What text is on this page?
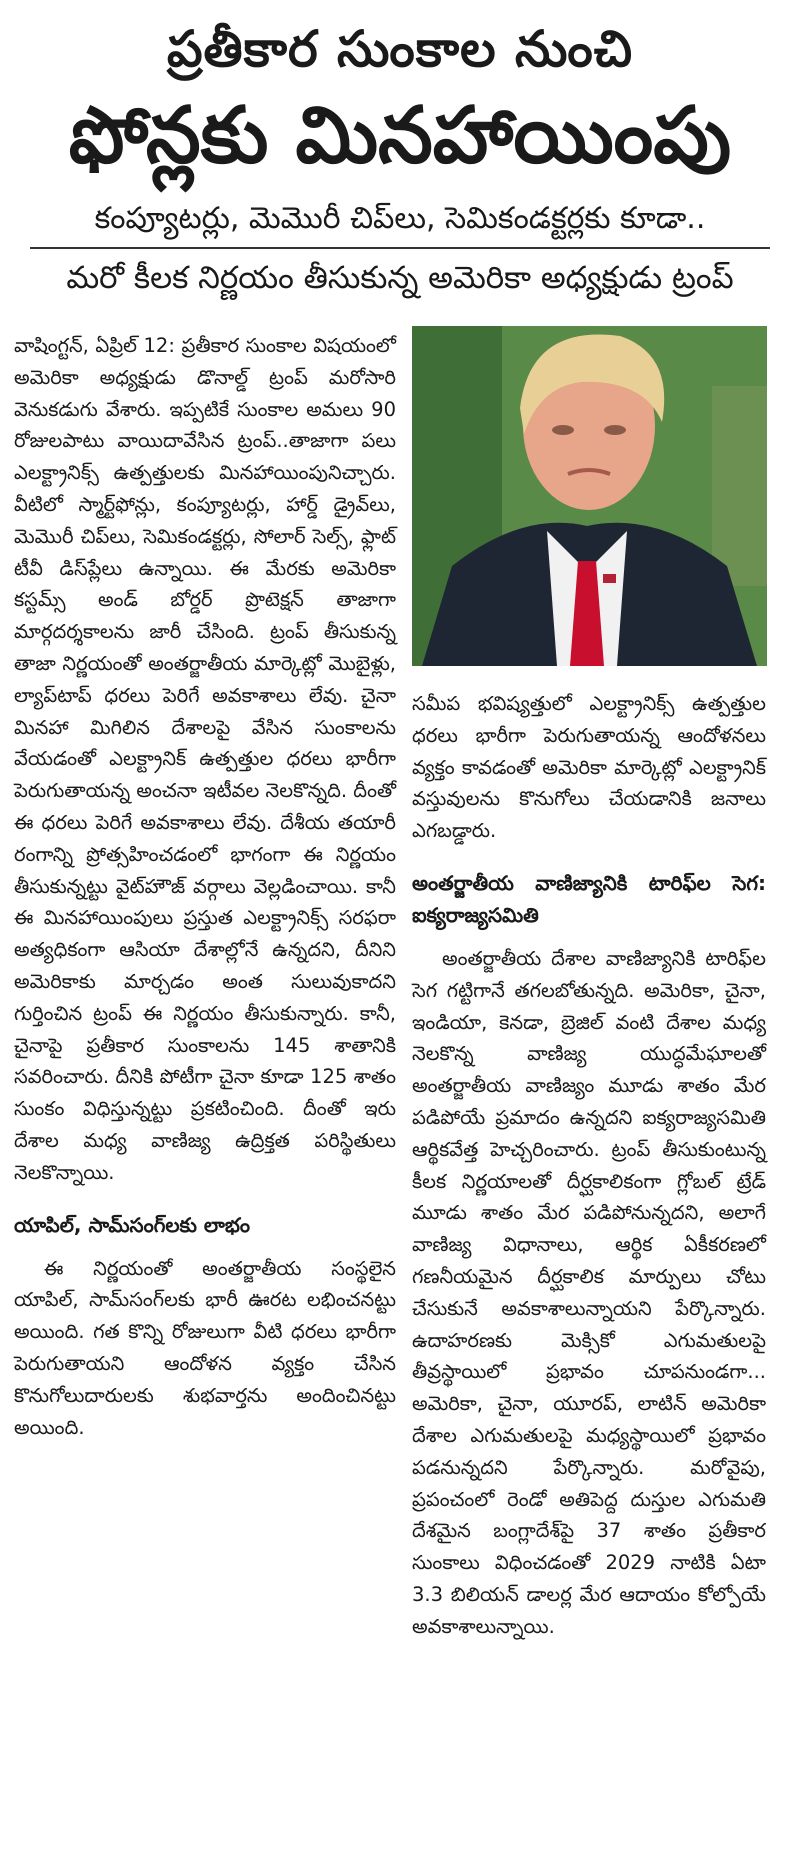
ప్రతీకార సుంకాల నుంచి
ఫోన్లకు మినహాయింపు
కంప్యూటర్లు, మెమొరీ చిప్‌లు, సెమికండక్టర్లకు కూడా..
మరో కీలక నిర్ణయం తీసుకున్న అమెరికా అధ్యక్షుడు ట్రంప్

వాషింగ్టన్, ఏప్రిల్ 12: ప్రతీకార సుంకాల విషయంలో అమెరికా అధ్యక్షుడు డొనాల్డ్ ట్రంప్ మరోసారి వెనుకడుగు వేశారు. ఇప్పటికే సుంకాల అమలు 90 రోజులపాటు వాయిదావేసిన ట్రంప్..తాజాగా పలు ఎలక్ట్రానిక్స్ ఉత్పత్తులకు మినహాయింపునిచ్చారు. వీటిలో స్మార్ట్‌ఫోన్లు, కంప్యూటర్లు, హార్డ్ డ్రైవ్‌లు, మెమొరీ చిప్‌లు, సెమికండక్టర్లు, సోలార్ సెల్స్, ఫ్లాట్ టీవీ డిస్‌ప్లేలు ఉన్నాయి. ఈ మేరకు అమెరికా కస్టమ్స్ అండ్ బోర్డర్ ప్రొటెక్షన్ తాజాగా మార్గదర్శకాలను జారీ చేసింది. ట్రంప్ తీసుకున్న తాజా నిర్ణయంతో అంతర్జాతీయ మార్కెట్లో మొబైళ్లు, ల్యాప్‌టాప్ ధరలు పెరిగే అవకాశాలు లేవు. చైనా మినహా మిగిలిన దేశాలపై వేసిన సుంకాలను వేయడంతో ఎలక్ట్రానిక్ ఉత్పత్తుల ధరలు భారీగా పెరుగుతాయన్న అంచనా ఇటీవల నెలకొన్నది. దీంతో ఈ ధరలు పెరిగే అవకాశాలు లేవు. దేశీయ తయారీ రంగాన్ని ప్రోత్సహించడంలో భాగంగా ఈ నిర్ణయం తీసుకున్నట్టు వైట్‌హౌజ్ వర్గాలు వెల్లడించాయి. కానీ ఈ మినహాయింపులు ప్రస్తుత ఎలక్ట్రానిక్స్ సరఫరా అత్యధికంగా ఆసియా దేశాల్లోనే ఉన్నదని, దీనిని అమెరికాకు మార్చడం అంత సులువుకాదని గుర్తించిన ట్రంప్ ఈ నిర్ణయం తీసుకున్నారు. కానీ, చైనాపై ప్రతీకార సుంకాలను 145 శాతానికి సవరించారు. దీనికి పోటీగా చైనా కూడా 125 శాతం సుంకం విధిస్తున్నట్టు ప్రకటించింది. దీంతో ఇరు దేశాల మధ్య వాణిజ్య ఉద్రిక్తత పరిస్థితులు నెలకొన్నాయి.

యాపిల్, సామ్‌సంగ్‌లకు లాభం

ఈ నిర్ణయంతో అంతర్జాతీయ సంస్థలైన యాపిల్, సామ్‌సంగ్‌లకు భారీ ఊరట లభించనట్టు అయింది. గత కొన్ని రోజులుగా వీటి ధరలు భారీగా పెరుగుతాయని ఆందోళన వ్యక్తం చేసిన కొనుగోలుదారులకు శుభవార్తను అందించినట్టు అయింది.

సమీప భవిష్యత్తులో ఎలక్ట్రానిక్స్ ఉత్పత్తుల ధరలు భారీగా పెరుగుతాయన్న ఆందోళనలు వ్యక్తం కావడంతో అమెరికా మార్కెట్లో ఎలక్ట్రానిక్ వస్తువులను కొనుగోలు చేయడానికి జనాలు ఎగబడ్డారు.

అంతర్జాతీయ వాణిజ్యానికి టారిఫ్‌ల సెగ: ఐక్యరాజ్యసమితి

అంతర్జాతీయ దేశాల వాణిజ్యానికి టారిఫ్‌ల సెగ గట్టిగానే తగలబోతున్నది. అమెరికా, చైనా, ఇండియా, కెనడా, బ్రెజిల్ వంటి దేశాల మధ్య నెలకొన్న వాణిజ్య యుద్ధమేఘాలతో అంతర్జాతీయ వాణిజ్యం మూడు శాతం మేర పడిపోయే ప్రమాదం ఉన్నదని ఐక్యరాజ్యసమితి ఆర్థికవేత్త హెచ్చరించారు. ట్రంప్ తీసుకుంటున్న కీలక నిర్ణయాలతో దీర్ఘకాలికంగా గ్లోబల్ ట్రేడ్ మూడు శాతం మేర పడిపోనున్నదని, అలాగే వాణిజ్య విధానాలు, ఆర్థిక ఏకీకరణలో గణనీయమైన దీర్ఘకాలిక మార్పులు చోటు చేసుకునే అవకాశాలున్నాయని పేర్కొన్నారు. ఉదాహరణకు మెక్సికో ఎగుమతులపై తీవ్రస్థాయిలో ప్రభావం చూపనుండగా... అమెరికా, చైనా, యూరప్, లాటిన్ అమెరికా దేశాల ఎగుమతులపై మధ్యస్థాయిలో ప్రభావం పడనున్నదని పేర్కొన్నారు. మరోవైపు, ప్రపంచంలో రెండో అతిపెద్ద దుస్తుల ఎగుమతి దేశమైన బంగ్లాదేశ్‌పై 37 శాతం ప్రతీకార సుంకాలు విధించడంతో 2029 నాటికి ఏటా 3.3 బిలియన్ డాలర్ల మేర ఆదాయం కోల్పోయే అవకాశాలున్నాయి.
